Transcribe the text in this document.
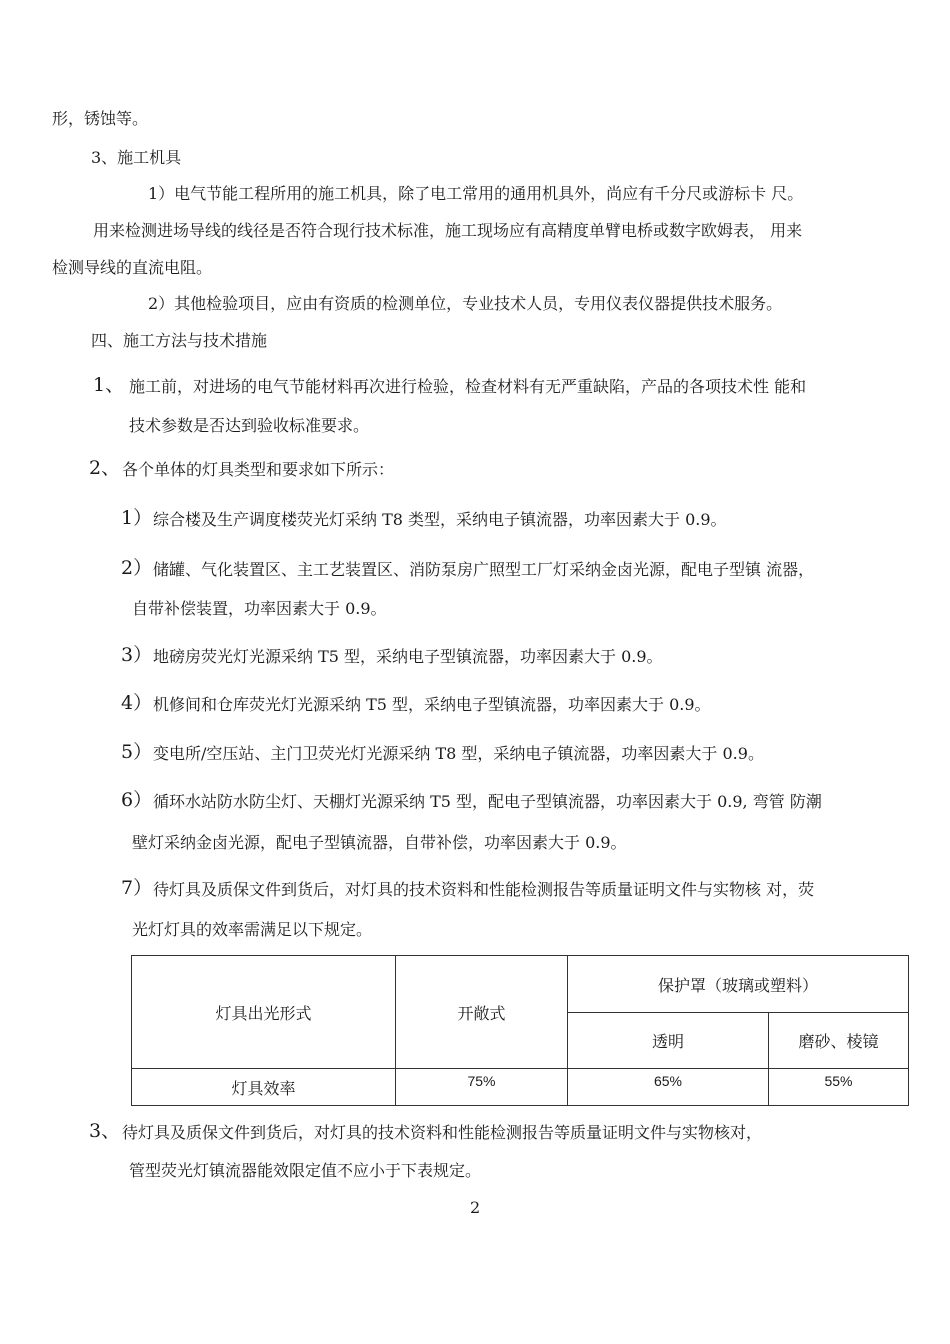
形，锈蚀等。
3、施工机具
1）电气节能工程所用的施工机具，除了电工常用的通用机具外，尚应有千分尺或游标卡 尺。
用来检测进场导线的线径是否符合现行技术标准，施工现场应有高精度单臂电桥或数字欧姆表， 用来
检测导线的直流电阻。
2）其他检验项目，应由有资质的检测单位，专业技术人员，专用仪表仪器提供技术服务。
四、施工方法与技术措施
1、 施工前，对进场的电气节能材料再次进行检验，检查材料有无严重缺陷，产品的各项技术性 能和
技术参数是否达到验收标准要求。
2、 各个单体的灯具类型和要求如下所示：
1） 综合楼及生产调度楼荧光灯采纳 T8 类型，采纳电子镇流器，功率因素大于 0.9。
2） 储罐、气化装置区、主工艺装置区、消防泵房广照型工厂灯采纳金卤光源，配电子型镇 流器，
自带补偿装置，功率因素大于 0.9。
3） 地磅房荧光灯光源采纳 T5 型，采纳电子型镇流器，功率因素大于 0.9。
4） 机修间和仓库荧光灯光源采纳 T5 型，采纳电子型镇流器，功率因素大于 0.9。
5） 变电所/空压站、主门卫荧光灯光源采纳 T8 型，采纳电子镇流器，功率因素大于 0.9。
6） 循环水站防水防尘灯、天棚灯光源采纳 T5 型，配电子型镇流器，功率因素大于 0.9, 弯管 防潮
壁灯采纳金卤光源，配电子型镇流器，自带补偿，功率因素大于 0.9。
7） 待灯具及质保文件到货后，对灯具的技术资料和性能检测报告等质量证明文件与实物核 对，荧
光灯灯具的效率需满足以下规定。
灯具出光形式	开敞式	保护罩（玻璃或塑料）	
		透明	磨砂、棱镜
灯具效率	75%	65%	55%
3、 待灯具及质保文件到货后，对灯具的技术资料和性能检测报告等质量证明文件与实物核对，
管型荧光灯镇流器能效限定值不应小于下表规定。
2
